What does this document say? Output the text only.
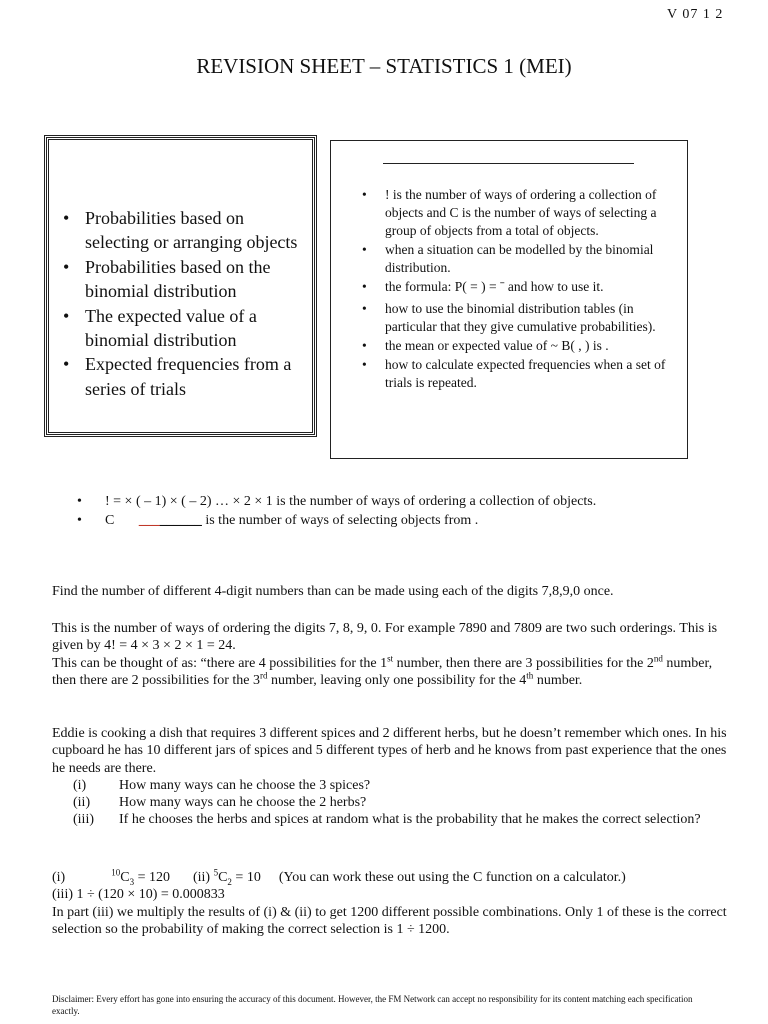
V 07 1 2
REVISION SHEET – STATISTICS 1 (MEI)
• Probabilities based on selecting or arranging objects
• Probabilities based on the binomial distribution
• The expected value of a binomial distribution
• Expected frequencies from a series of trials
• ! is the number of ways of ordering a collection of objects and C is the number of ways of selecting a group of objects from a total of objects.
• when a situation can be modelled by the binomial distribution.
• the formula: P( = ) = ˉ and how to use it.
• how to use the binomial distribution tables (in particular that they give cumulative probabilities).
• the mean or expected value of ~ B( , ) is .
• how to calculate expected frequencies when a set of trials is repeated.
• ! = × ( – 1) × ( – 2) … × 2 × 1 is the number of ways of ordering a collection of objects.
• C _________ is the number of ways of selecting objects from .
Find the number of different 4-digit numbers than can be made using each of the digits 7,8,9,0 once.
This is the number of ways of ordering the digits 7, 8, 9, 0. For example 7890 and 7809 are two such orderings. This is given by 4! = 4 × 3 × 2 × 1 = 24.
This can be thought of as: “there are 4 possibilities for the 1st number, then there are 3 possibilities for the 2nd number, then there are 2 possibilities for the 3rd number, leaving only one possibility for the 4th number.
Eddie is cooking a dish that requires 3 different spices and 2 different herbs, but he doesn’t remember which ones. In his cupboard he has 10 different jars of spices and 5 different types of herb and he knows from past experience that the ones he needs are there.
(i) How many ways can he choose the 3 spices?
(ii) How many ways can he choose the 2 herbs?
(iii) If he chooses the herbs and spices at random what is the probability that he makes the correct selection?
(i)	$^{10}C_3 = 120$ (ii) $^5C_2 = 10$ (You can work these out using the C function on a calculator.)
(iii) 1 ÷ (120 × 10) = 0.000833
In part (iii) we multiply the results of (i) & (ii) to get 1200 different possible combinations. Only 1 of these is the correct selection so the probability of making the correct selection is 1 ÷ 1200.
Disclaimer: Every effort has gone into ensuring the accuracy of this document. However, the FM Network can accept no responsibility for its content matching each specification exactly.
